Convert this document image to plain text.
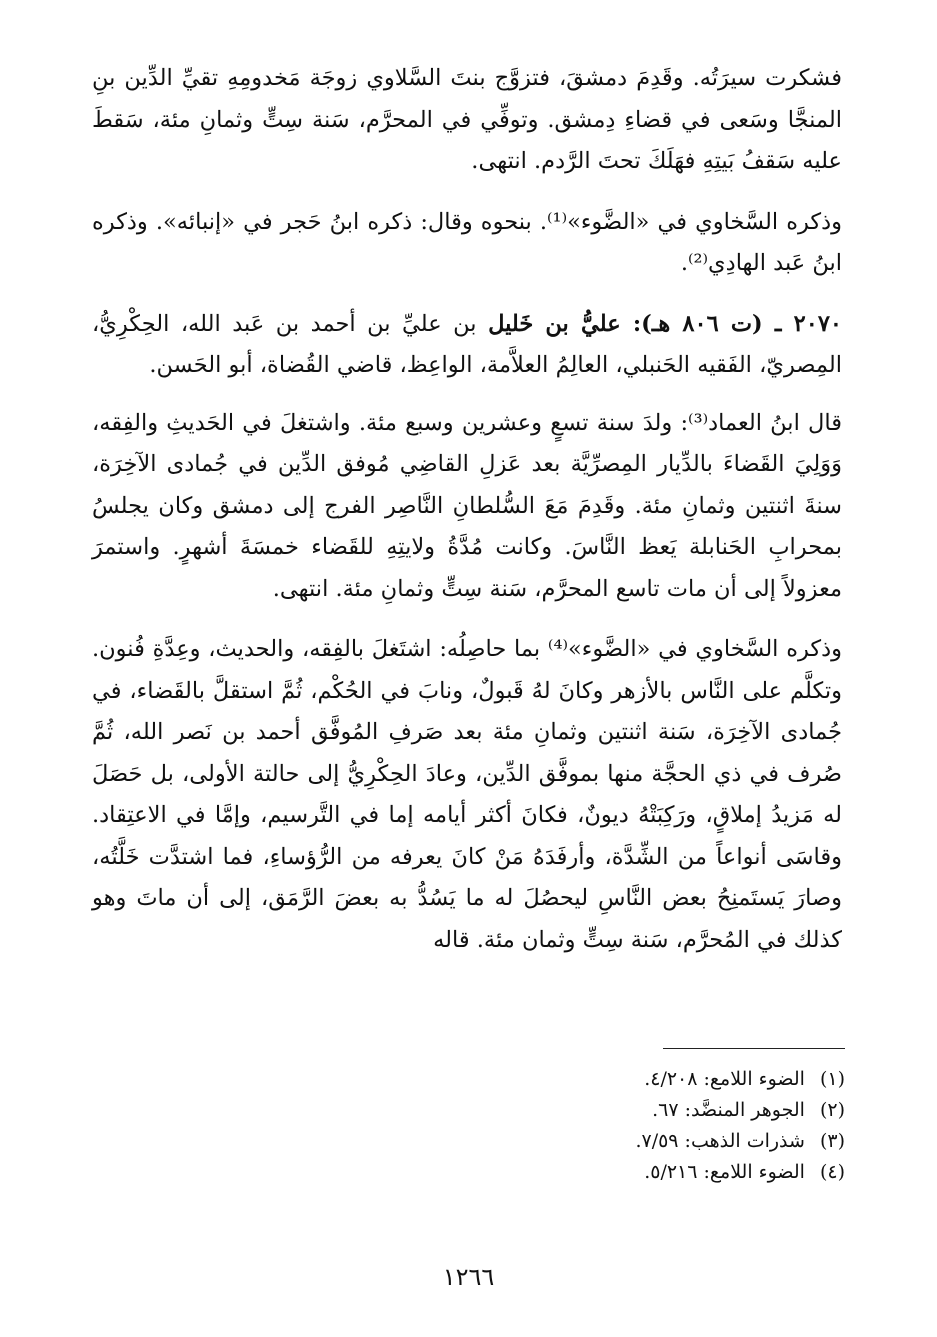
فشكرت سيرَتُه. وقَدِمَ دمشقَ، فتزوَّج بنتَ السَّلاوي زوجَة مَخدومِهِ تقيِّ الدِّين بنِ المنجَّا وسَعى في قضاءِ دِمشق. وتوفِّي في المحرَّم، سَنة سِتٍّ وثمانِ مئة، سَقطَ عليه سَقفُ بَيتِهِ فهَلَكَ تحتَ الرَّدم. انتهى.

وذكره السَّخاوي في «الضَّوء»⁽¹⁾. بنحوه وقال: ذكره ابنُ حَجر في «إنبائه». وذكره ابنُ عَبد الهادِي⁽²⁾.

٢٠٧٠ ـ (ت ٨٠٦ هـ): عليُّ بن خَليل بن عليِّ بن أحمد بن عَبد الله، الحِكْرِيُّ، المِصريّ، الفَقيه الحَنبلي، العالِمُ العلاَّمة، الواعِظ، قاضي القُضاة، أبو الحَسن.

قال ابنُ العماد⁽³⁾: ولدَ سنة تسعٍ وعشرين وسبع مئة. واشتغلَ في الحَديثِ والفِقه، وَوَلِيَ القَضاءَ بالدِّيار المِصرِّيَّة بعد عَزلِ القاضِي مُوفق الدِّين في جُمادى الآخِرَة، سنةَ اثنتين وثمانِ مئة. وقَدِمَ مَعَ السُّلطانِ النَّاصِر الفرج إلى دمشق وكان يجلسُ بمحرابِ الحَنابلة يَعظ النَّاسَ. وكانت مُدَّةُ ولايتِهِ للقَضاء خمسَةَ أشهرٍ. واستمرَ معزولاً إلى أن مات تاسع المحرَّم، سَنة سِتٍّ وثمانِ مئة. انتهى.

وذكره السَّخاوي في «الضَّوء»⁽⁴⁾ بما حاصِلُه: اشتَغلَ بالفِقه، والحديث، وعِدَّةِ فُنون. وتكلَّم على النَّاس بالأزهر وكانَ لهُ قَبولٌ، ونابَ في الحُكْم، ثُمَّ استقلَّ بالقَضاء، في جُمادى الآخِرَة، سَنة اثنتين وثمانِ مئة بعد صَرفِ المُوفَّق أحمد بن نَصر الله، ثُمَّ صُرف في ذي الحجَّة منها بموفَّق الدِّين، وعادَ الحِكْرِيُّ إلى حالتة الأولى، بل حَصَلَ له مَزيدُ إملاقٍ، ورَكِبَتْهُ ديونٌ، فكانَ أكثر أيامه إما في التَّرسيم، وإمَّا في الاعتِقاد. وقاسَى أنواعاً من الشِّدَّة، وأرفَدَهُ مَنْ كانَ يعرفه من الرُّؤساءِ، فما اشتدَّت خَلَّتُه، وصارَ يَستَمنِحُ بعض النَّاسِ ليحصُلَ له ما يَسُدُّ به بعضَ الرَّمَق، إلى أن ماتَ وهو كذلك في المُحرَّم، سَنة سِتٍّ وثمان مئة. قاله

(١) الضوء اللامع: ٤/٢٠٨.
(٢) الجوهر المنضَّد: ٦٧.
(٣) شذرات الذهب: ٧/٥٩.
(٤) الضوء اللامع: ٥/٢١٦.
١٢٦٦
